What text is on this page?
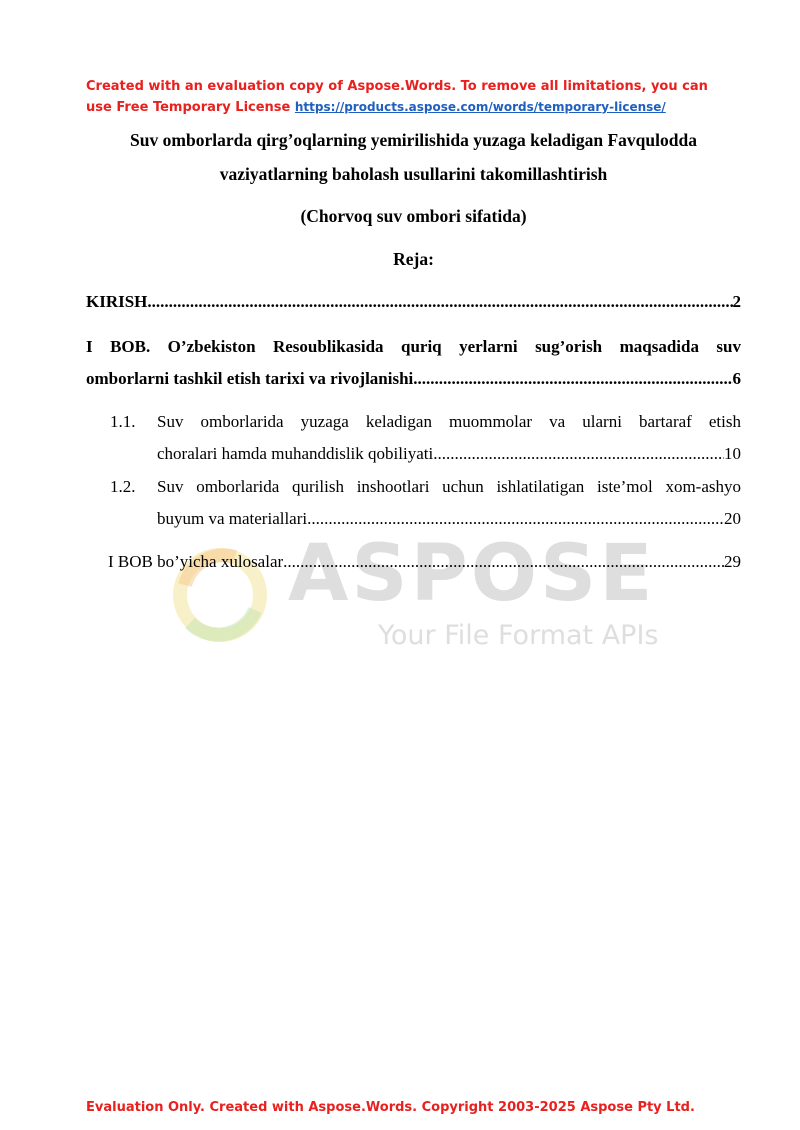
Created with an evaluation copy of Aspose.Words. To remove all limitations, you can use Free Temporary License https://products.aspose.com/words/temporary-license/
ASPOSE
Your File Format APIs
Suv omborlarda qirg’oqlarning yemirilishida yuzaga keladigan Favqulodda
vaziyatlarning baholash usullarini takomillashtirish
(Chorvoq suv ombori sifatida)
Reja:
KIRISH .....	2
I BOB. O’zbekiston Resoublikasida quriq yerlarni sug’orish maqsadida suv
omborlarni tashkil etish tarixi va rivojlanishi .....	6
1.1. Suv omborlarida yuzaga keladigan muommolar va ularni bartaraf etish
choralari hamda muhanddislik qobiliyati .....	10
1.2. Suv omborlarida qurilish inshootlari uchun ishlatilatigan iste’mol xom-ashyo
buyum va materiallari .....	20
I BOB bo’yicha xulosalar .....	29
Evaluation Only. Created with Aspose.Words. Copyright 2003-2025 Aspose Pty Ltd.
